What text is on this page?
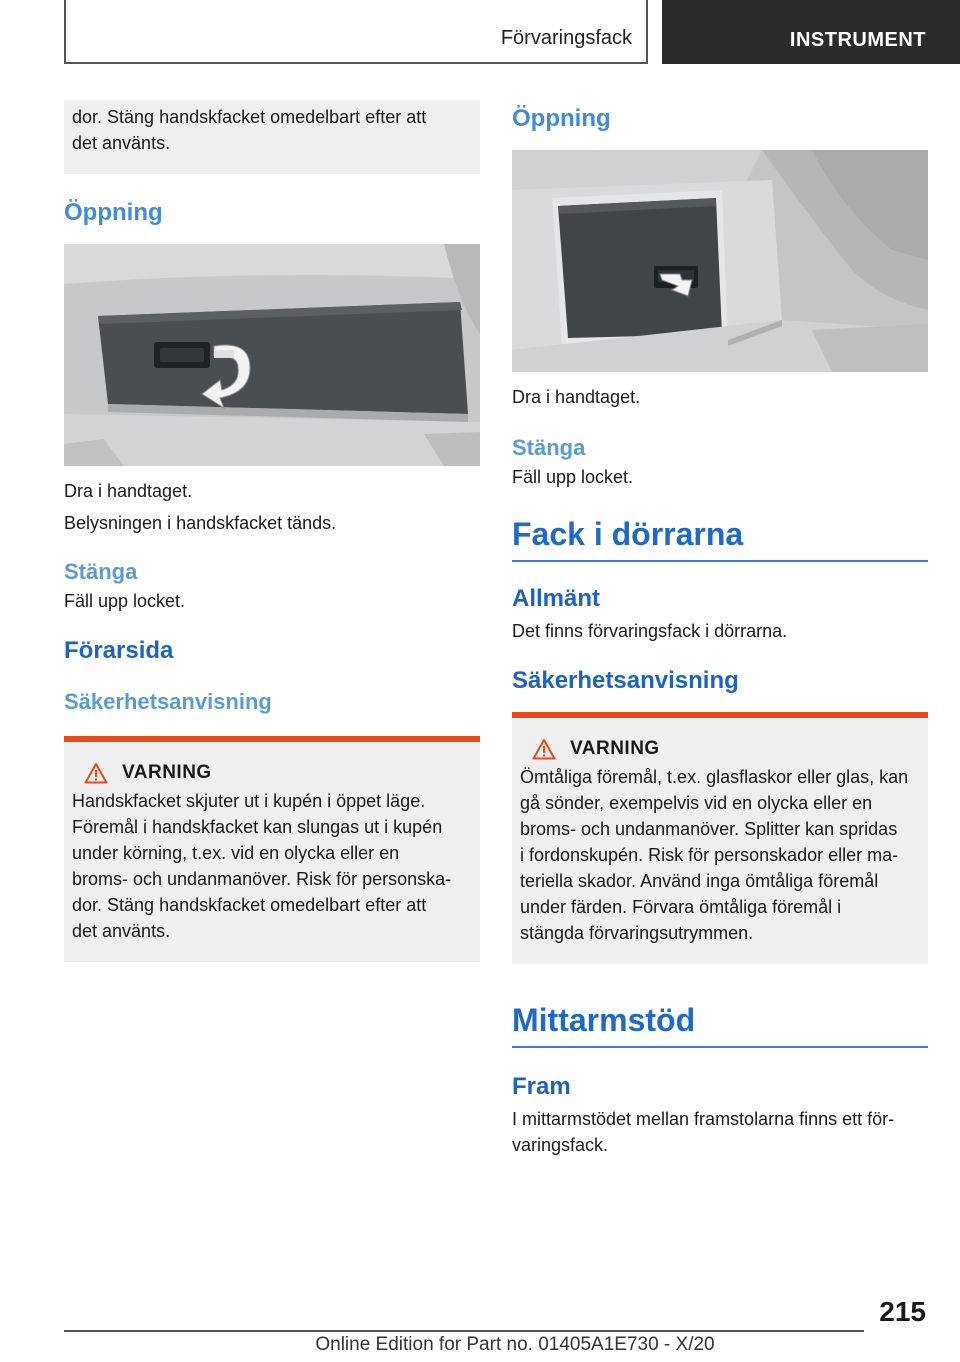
Förvaringsfack	INSTRUMENT

dor. Stäng handskfacket omedelbart efter att

det använts.

Öppning

Dra i handtaget.

Belysningen i handskfacket tänds.

Stänga

Fäll upp locket.

Förarsida
Säkerhetsanvisning
VARNING

Handskfacket skjuter ut i kupén i öppet läge.

Föremål i handskfacket kan slungas ut i kupén

under körning, t.ex. vid en olycka eller en

broms- och undanmanöver. Risk för personska-

dor. Stäng handskfacket omedelbart efter att

det använts.

Öppning

Dra i handtaget.

Stänga

Fäll upp locket.

Fack i dörrarna
Allmänt

Det finns förvaringsfack i dörrarna.

Säkerhetsanvisning
VARNING

Ömtåliga föremål, t.ex. glasflaskor eller glas, kan

gå sönder, exempelvis vid en olycka eller en

broms- och undanmanöver. Splitter kan spridas

i fordonskupén. Risk för personskador eller ma-

teriella skador. Använd inga ömtåliga föremål

under färden. Förvara ömtåliga föremål i

stängda förvaringsutrymmen.

Mittarmstöd
Fram

I mittarmstödet mellan framstolarna finns ett för-

varingsfack.

215
Online Edition for Part no. 01405A1E730 - X/20
